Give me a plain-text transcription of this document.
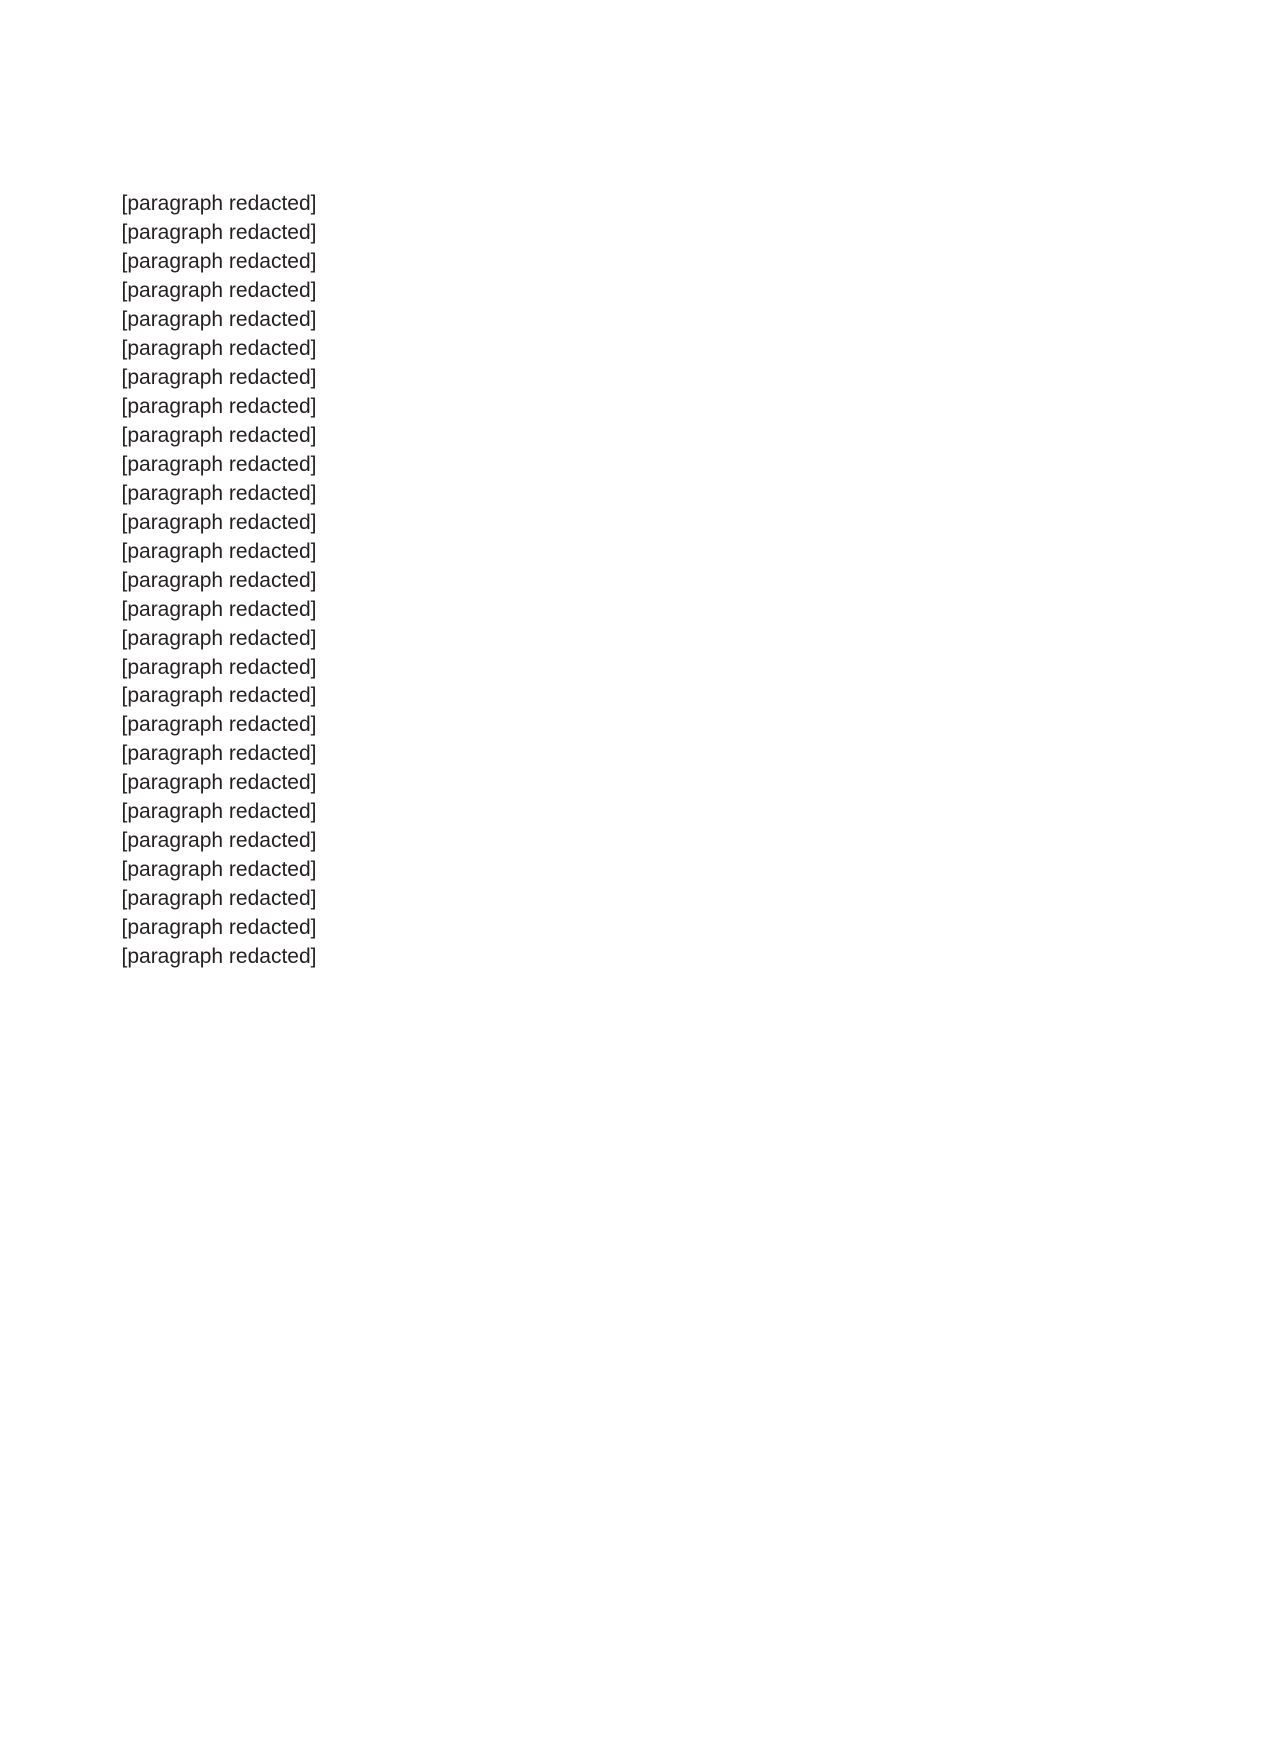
[paragraph redacted]

[paragraph redacted]

[paragraph redacted]

[paragraph redacted]

[paragraph redacted]

[paragraph redacted]

[paragraph redacted]

[paragraph redacted]

[paragraph redacted]

[paragraph redacted]

[paragraph redacted]

[paragraph redacted]

[paragraph redacted]

[paragraph redacted]

[paragraph redacted]

[paragraph redacted]

[paragraph redacted]

[paragraph redacted]

[paragraph redacted]

[paragraph redacted]

[paragraph redacted]

[paragraph redacted]

[paragraph redacted]

[paragraph redacted]

[paragraph redacted]

[paragraph redacted]

[paragraph redacted]
